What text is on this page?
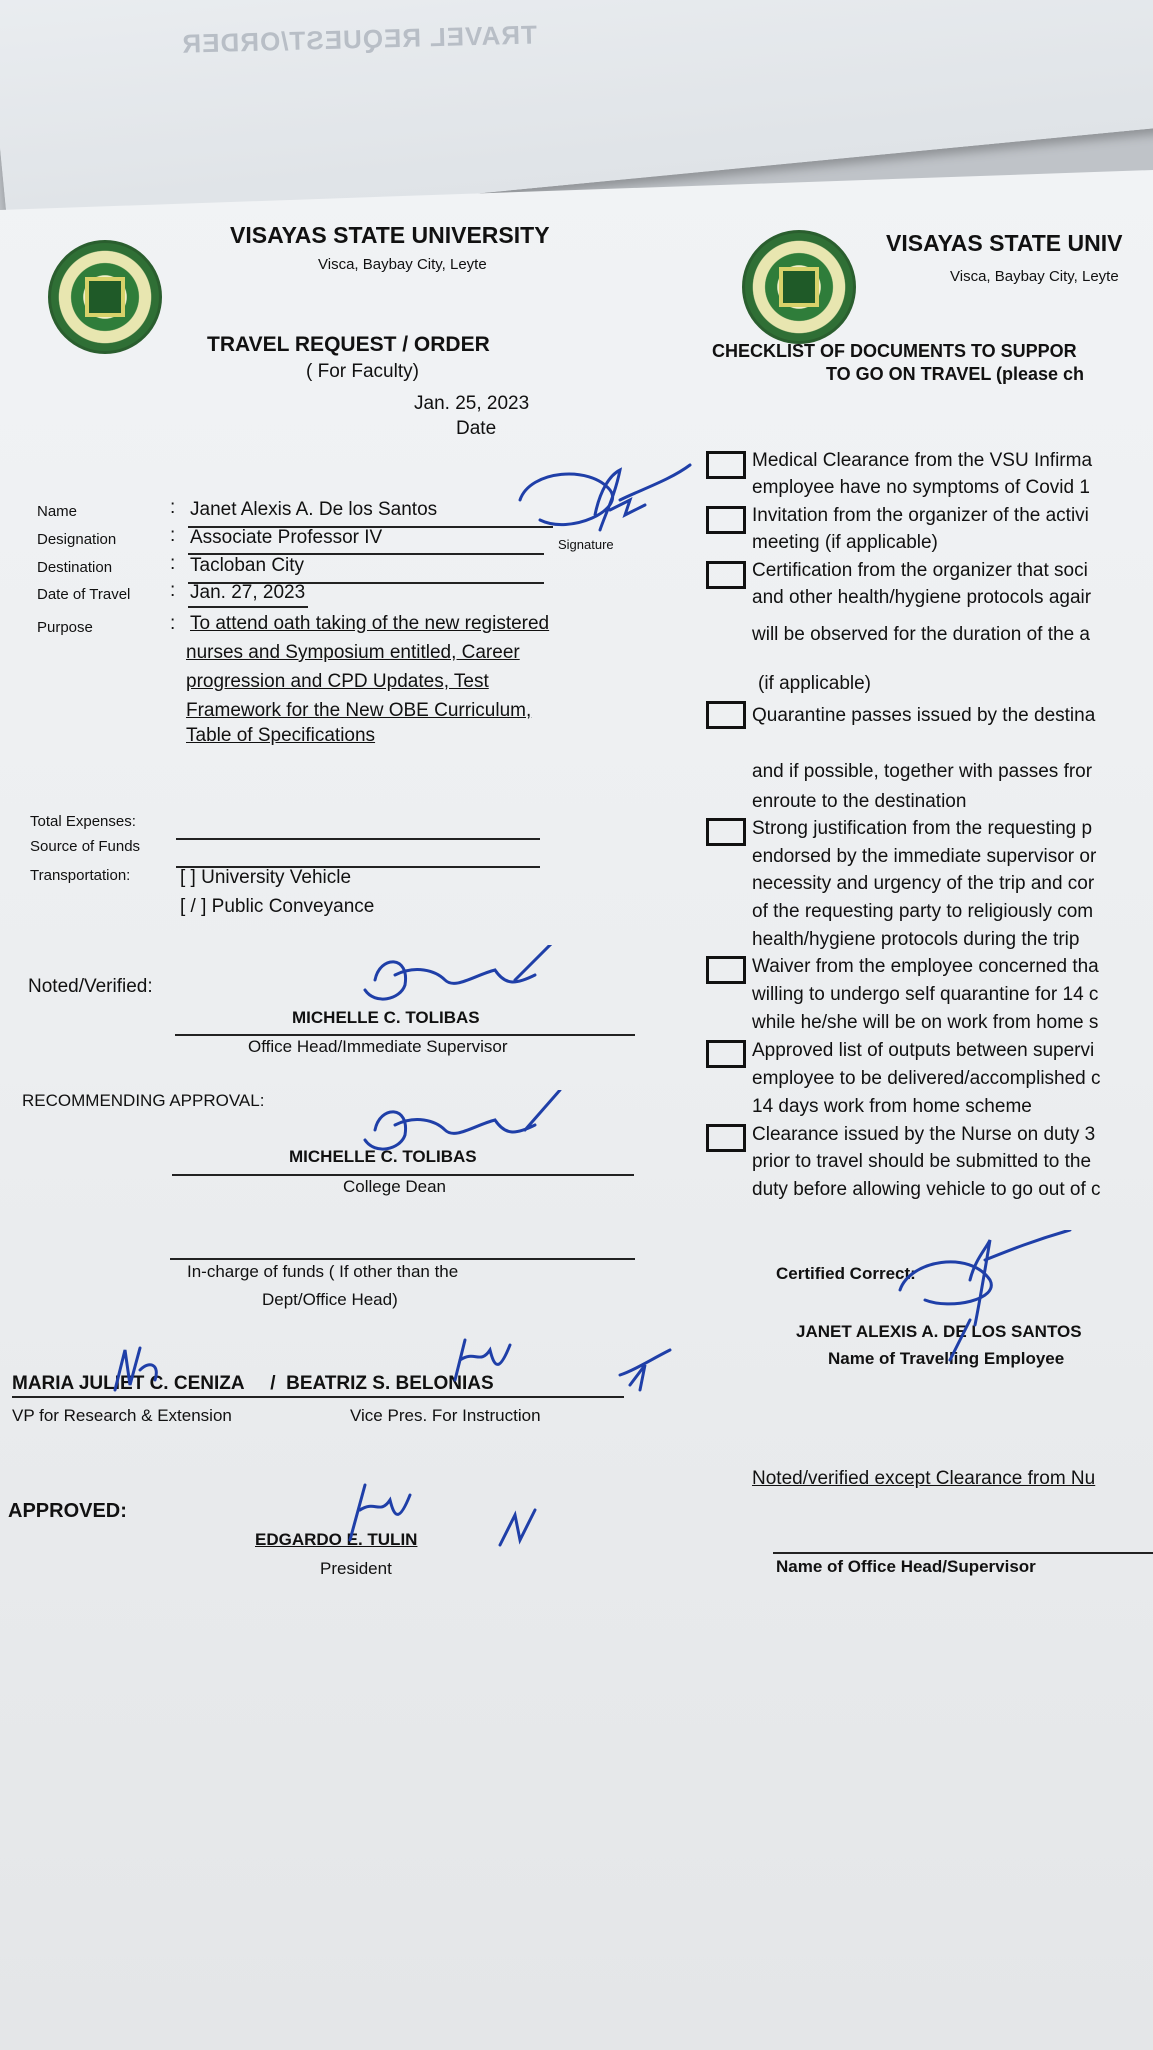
TRAVEL REQUEST/ORDER
VISAYAS STATE UNIVERSITY
Visca, Baybay City, Leyte
TRAVEL REQUEST / ORDER
( For Faculty)
Jan. 25, 2023
Date
Name	: Janet Alexis A. De los Santos
Designation	: Associate Professor IV	Signature
Destination	: Tacloban City
Date of Travel : Jan. 27, 2023
Purpose	: To attend oath taking of the new registered
nurses and Symposium entitled, Career
progression and CPD Updates, Test
Framework for the New OBE Curriculum,
Table of Specifications
Total Expenses:
Source of Funds
Transportation:	[ ] University Vehicle
[ / ] Public Conveyance
Noted/Verified:
MICHELLE C. TOLIBAS
Office Head/Immediate Supervisor
RECOMMENDING APPROVAL:
MICHELLE C. TOLIBAS
College Dean
In-charge of funds ( If other than the
Dept/Office Head)
MARIA JULIET C. CENIZA     /  BEATRIZ S. BELONIAS
VP for Research & Extension	Vice Pres. For Instruction
APPROVED:
EDGARDO E. TULIN
President
VISAYAS STATE UNIV
Visca, Baybay City, Leyte
CHECKLIST OF DOCUMENTS TO SUPPOR
TO GO ON TRAVEL (please ch
Medical Clearance from the VSU Infirma
employee have no symptoms of Covid 1
Invitation from the organizer of the activi
meeting (if applicable)
Certification from the organizer that soci
and other health/hygiene protocols agair
will be observed for the duration of the a
(if applicable)
Quarantine passes issued by the destina
and if possible, together with passes fror
enroute to the destination
Strong justification from the requesting p
endorsed by the immediate supervisor or
necessity and urgency of the trip and cor
of the requesting party to religiously com
health/hygiene protocols during the trip
Waiver from the employee concerned tha
willing to undergo self quarantine for 14 c
while he/she will be on work from home s
Approved list of outputs between supervi
employee to be delivered/accomplished c
14 days work from home scheme
Clearance issued by the Nurse on duty 3
prior to travel should be submitted to the
duty before allowing vehicle to go out of c
Certified Correct:
JANET ALEXIS A. DE LOS SANTOS
Name of Travelling Employee
Noted/verified except Clearance from Nu
Name of Office Head/Supervisor
